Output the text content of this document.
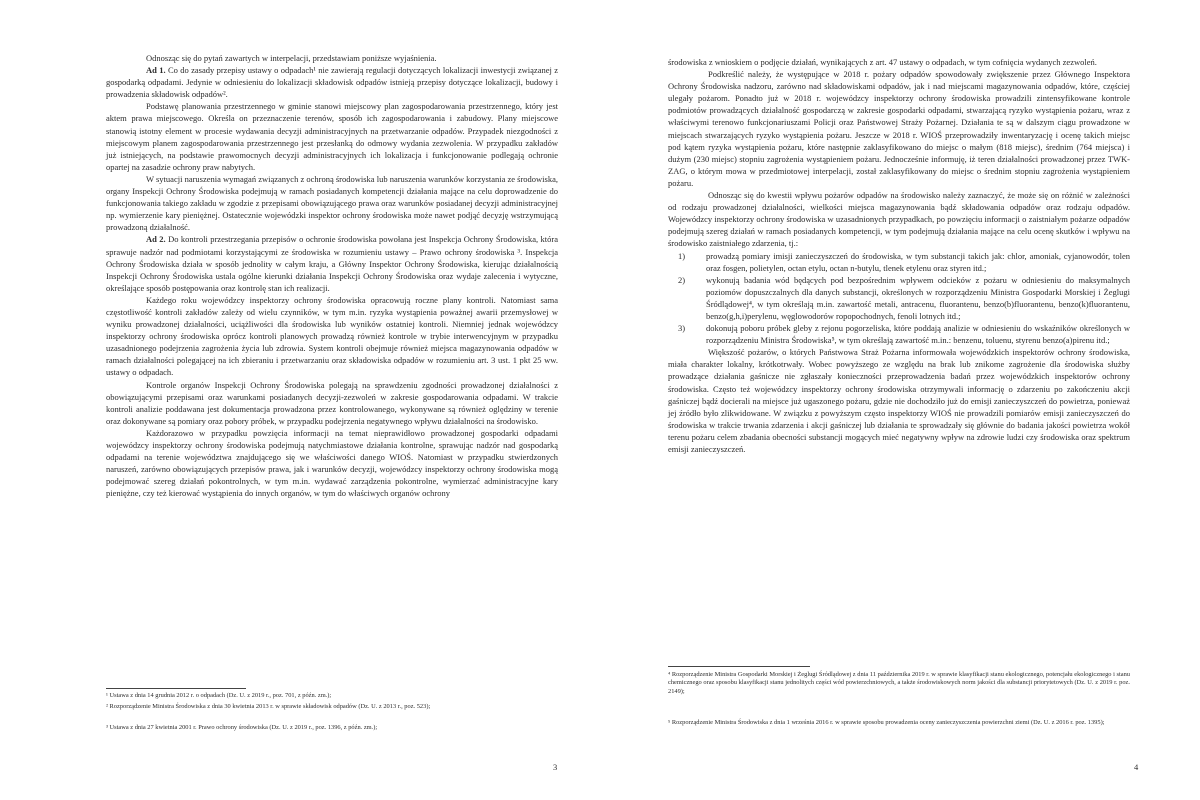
Odnosząc się do pytań zawartych w interpelacji, przedstawiam poniższe wyjaśnienia.

Ad 1. Co do zasady przepisy ustawy o odpadach¹ nie zawierają regulacji dotyczących lokalizacji inwestycji związanej z gospodarką odpadami. Jedynie w odniesieniu do lokalizacji składowisk odpadów istnieją przepisy dotyczące lokalizacji, budowy i prowadzenia składowisk odpadów².

Podstawę planowania przestrzennego w gminie stanowi miejscowy plan zagospodarowania przestrzennego, który jest aktem prawa miejscowego. Określa on przeznaczenie terenów, sposób ich zagospodarowania i zabudowy. Plany miejscowe stanowią istotny element w procesie wydawania decyzji administracyjnych na przetwarzanie odpadów. Przypadek niezgodności z miejscowym planem zagospodarowania przestrzennego jest przesłanką do odmowy wydania zezwolenia. W przypadku zakładów już istniejących, na podstawie prawomocnych decyzji administracyjnych ich lokalizacja i funkcjonowanie podlegają ochronie opartej na zasadzie ochrony praw nabytych.

W sytuacji naruszenia wymagań związanych z ochroną środowiska lub naruszenia warunków korzystania ze środowiska, organy Inspekcji Ochrony Środowiska podejmują w ramach posiadanych kompetencji działania mające na celu doprowadzenie do funkcjonowania takiego zakładu w zgodzie z przepisami obowiązującego prawa oraz warunków posiadanej decyzji administracyjnej np. wymierzenie kary pieniężnej. Ostatecznie wojewódzki inspektor ochrony środowiska może nawet podjąć decyzję wstrzymującą prowadzoną działalność.

Ad 2. Do kontroli przestrzegania przepisów o ochronie środowiska powołana jest Inspekcja Ochrony Środowiska, która sprawuje nadzór nad podmiotami korzystającymi ze środowiska w rozumieniu ustawy – Prawo ochrony środowiska ³. Inspekcja Ochrony Środowiska działa w sposób jednolity w całym kraju, a Główny Inspektor Ochrony Środowiska, kierując działalnością Inspekcji Ochrony Środowiska ustala ogólne kierunki działania Inspekcji Ochrony Środowiska oraz wydaje zalecenia i wytyczne, określające sposób postępowania oraz kontrolę stan ich realizacji.

Każdego roku wojewódzcy inspektorzy ochrony środowiska opracowują roczne plany kontroli. Natomiast sama częstotliwość kontroli zakładów zależy od wielu czynników, w tym m.in. ryzyka wystąpienia poważnej awarii przemysłowej w wyniku prowadzonej działalności, uciążliwości dla środowiska lub wyników ostatniej kontroli. Niemniej jednak wojewódzcy inspektorzy ochrony środowiska oprócz kontroli planowych prowadzą również kontrole w trybie interwencyjnym w przypadku uzasadnionego podejrzenia zagrożenia życia lub zdrowia. System kontroli obejmuje również miejsca magazynowania odpadów w ramach działalności polegającej na ich zbieraniu i przetwarzaniu oraz składowiska odpadów w rozumieniu art. 3 ust. 1 pkt 25 ww. ustawy o odpadach.

Kontrole organów Inspekcji Ochrony Środowiska polegają na sprawdzeniu zgodności prowadzonej działalności z obowiązującymi przepisami oraz warunkami posiadanych decyzji-zezwoleń w zakresie gospodarowania odpadami. W trakcie kontroli analizie poddawana jest dokumentacja prowadzona przez kontrolowanego, wykonywane są również oględziny w terenie oraz dokonywane są pomiary oraz pobory próbek, w przypadku podejrzenia negatywnego wpływu działalności na środowisko.

Każdorazowo w przypadku powzięcia informacji na temat nieprawidłowo prowadzonej gospodarki odpadami wojewódzcy inspektorzy ochrony środowiska podejmują natychmiastowe działania kontrolne, sprawując nadzór nad gospodarką odpadami na terenie województwa znajdującego się we właściwości danego WIOŚ. Natomiast w przypadku stwierdzonych naruszeń, zarówno obowiązujących przepisów prawa, jak i warunków decyzji, wojewódzcy inspektorzy ochrony środowiska mogą podejmować szereg działań pokontrolnych, w tym m.in. wydawać zarządzenia pokontrolne, wymierzać administracyjne kary pieniężne, czy też kierować wystąpienia do innych organów, w tym do właściwych organów ochrony

¹ Ustawa z dnia 14 grudnia 2012 r. o odpadach (Dz. U. z 2019 r., poz. 701, z późn. zm.);
² Rozporządzenie Ministra Środowiska z dnia 30 kwietnia 2013 r. w sprawie składowisk odpadów (Dz. U. z 2013 r., poz. 523);
³ Ustawa z dnia 27 kwietnia 2001 r. Prawo ochrony środowiska (Dz. U. z 2019 r., poz. 1396, z późn. zm.);
3

środowiska z wnioskiem o podjęcie działań, wynikających z art. 47 ustawy o odpadach, w tym cofnięcia wydanych zezwoleń.

Podkreślić należy, że występujące w 2018 r. pożary odpadów spowodowały zwiększenie przez Głównego Inspektora Ochrony Środowiska nadzoru, zarówno nad składowiskami odpadów, jak i nad miejscami magazynowania odpadów, które, częściej ulegały pożarom. Ponadto już w 2018 r. wojewódzcy inspektorzy ochrony środowiska prowadzili zintensyfikowane kontrole podmiotów prowadzących działalność gospodarczą w zakresie gospodarki odpadami, stwarzającą ryzyko wystąpienia pożaru, wraz z właściwymi terenowo funkcjonariuszami Policji oraz Państwowej Straży Pożarnej. Działania te są w dalszym ciągu prowadzone w miejscach stwarzających ryzyko wystąpienia pożaru. Jeszcze w 2018 r. WIOŚ przeprowadziły inwentaryzację i ocenę takich miejsc pod kątem ryzyka wystąpienia pożaru, które następnie zaklasyfikowano do miejsc o małym (818 miejsc), średnim (764 miejsca) i dużym (230 miejsc) stopniu zagrożenia wystąpieniem pożaru. Jednocześnie informuję, iż teren działalności prowadzonej przez TWK-ZAG, o którym mowa w przedmiotowej interpelacji, został zaklasyfikowany do miejsc o średnim stopniu zagrożenia wystąpieniem pożaru.

Odnosząc się do kwestii wpływu pożarów odpadów na środowisko należy zaznaczyć, że może się on różnić w zależności od rodzaju prowadzonej działalności, wielkości miejsca magazynowania bądź składowania odpadów oraz rodzaju odpadów. Wojewódzcy inspektorzy ochrony środowiska w uzasadnionych przypadkach, po powzięciu informacji o zaistniałym pożarze odpadów podejmują szereg działań w ramach posiadanych kompetencji, w tym podejmują działania mające na celu ocenę skutków i wpływu na środowisko zaistniałego zdarzenia, tj.:

1) prowadzą pomiary imisji zanieczyszczeń do środowiska, w tym substancji takich jak: chlor, amoniak, cyjanowodór, tolen oraz fosgen, polietylen, octan etylu, octan n-butylu, tlenek etylenu oraz styren itd.;

2) wykonują badania wód będących pod bezpośrednim wpływem odcieków z pożaru w odniesieniu do maksymalnych poziomów dopuszczalnych dla danych substancji, określonych w rozporządzeniu Ministra Gospodarki Morskiej i Żeglugi Śródlądowej⁴, w tym określają m.in. zawartość metali, antracenu, fluorantenu, benzo(b)fluorantenu, benzo(k)fluorantenu, benzo(g,h,i)perylenu, węglowodorów ropopochodnych, fenoli lotnych itd.;

3) dokonują poboru próbek gleby z rejonu pogorzeliska, które poddają analizie w odniesieniu do wskaźników określonych w rozporządzeniu Ministra Środowiska⁵, w tym określają zawartość m.in.: benzenu, toluenu, styrenu benzo(a)pirenu itd.;

Większość pożarów, o których Państwowa Straż Pożarna informowała wojewódzkich inspektorów ochrony środowiska, miała charakter lokalny, krótkotrwały. Wobec powyższego ze względu na brak lub znikome zagrożenie dla środowiska służby prowadzące działania gaśnicze nie zgłaszały konieczności przeprowadzenia badań przez wojewódzkich inspektorów ochrony środowiska. Często też wojewódzcy inspektorzy ochrony środowiska otrzymywali informację o zdarzeniu po zakończeniu akcji gaśniczej bądź docierali na miejsce już ugaszonego pożaru, gdzie nie dochodziło już do emisji zanieczyszczeń do powietrza, ponieważ jej źródło było zlikwidowane. W związku z powyższym często inspektorzy WIOŚ nie prowadzili pomiarów emisji zanieczyszczeń do środowiska w trakcie trwania zdarzenia i akcji gaśniczej lub działania te sprowadzały się głównie do badania jakości powietrza wokół terenu pożaru celem zbadania obecności substancji mogących mieć negatywny wpływ na zdrowie ludzi czy środowiska oraz spektrum emisji zanieczyszczeń.

⁴ Rozporządzenie Ministra Gospodarki Morskiej i Żeglugi Śródlądowej z dnia 11 października 2019 r. w sprawie klasyfikacji stanu ekologicznego, potencjału ekologicznego i stanu chemicznego oraz sposobu klasyfikacji stanu jednolitych części wód powierzchniowych, a także środowiskowych norm jakości dla substancji priorytetowych (Dz. U. z 2019 r. poz. 2149);
⁵ Rozporządzenie Ministra Środowiska z dnia 1 września 2016 r. w sprawie sposobu prowadzenia oceny zanieczyszczenia powierzchni ziemi (Dz. U. z 2016 r. poz. 1395);
4
